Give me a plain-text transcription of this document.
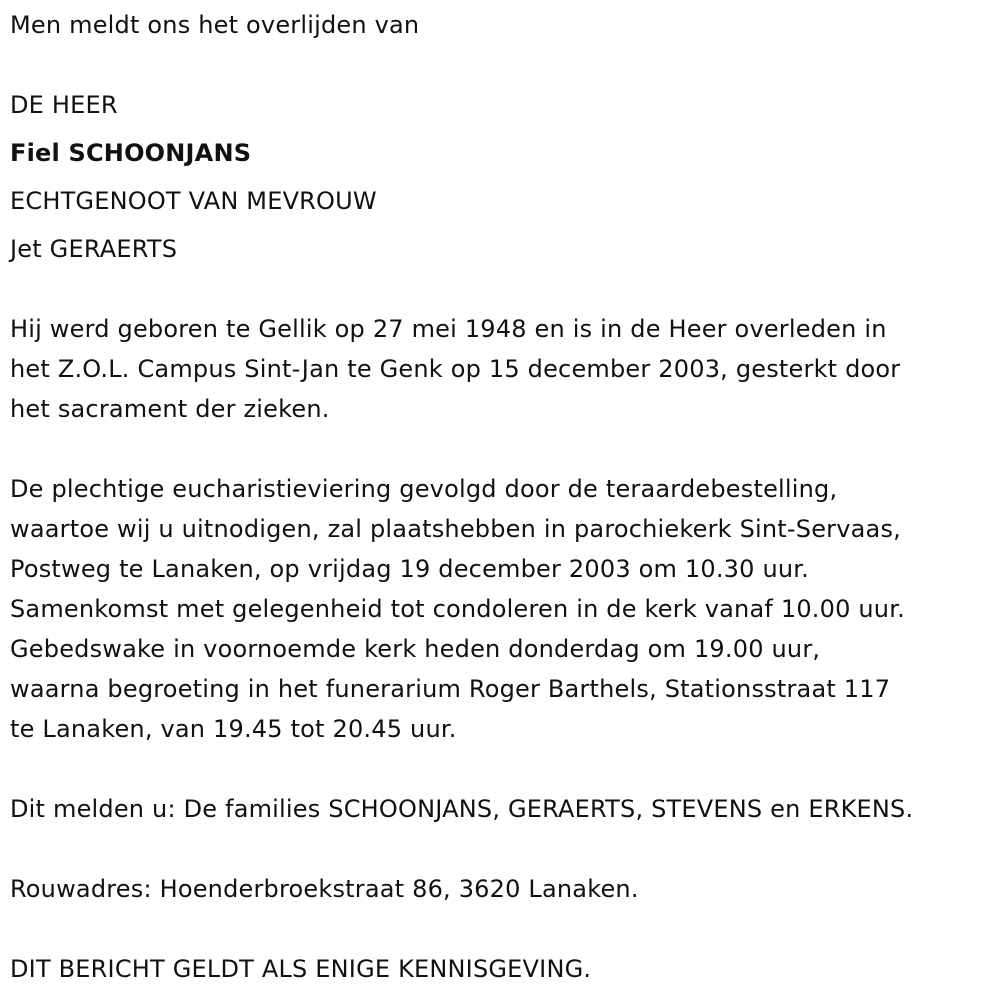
Men meldt ons het overlijden van
DE HEER
Fiel SCHOONJANS
ECHTGENOOT VAN MEVROUW
Jet GERAERTS
Hij werd geboren te Gellik op 27 mei 1948 en is in de Heer overleden in
het Z.O.L. Campus Sint-Jan te Genk op 15 december 2003, gesterkt door
het sacrament der zieken.
De plechtige eucharistieviering gevolgd door de teraardebestelling,
waartoe wij u uitnodigen, zal plaatshebben in parochiekerk Sint-Servaas,
Postweg te Lanaken, op vrijdag 19 december 2003 om 10.30 uur.
Samenkomst met gelegenheid tot condoleren in de kerk vanaf 10.00 uur.
Gebedswake in voornoemde kerk heden donderdag om 19.00 uur,
waarna begroeting in het funerarium Roger Barthels, Stationsstraat 117
te Lanaken, van 19.45 tot 20.45 uur.
Dit melden u: De families SCHOONJANS, GERAERTS, STEVENS en ERKENS.
Rouwadres: Hoenderbroekstraat 86, 3620 Lanaken.
DIT BERICHT GELDT ALS ENIGE KENNISGEVING.
